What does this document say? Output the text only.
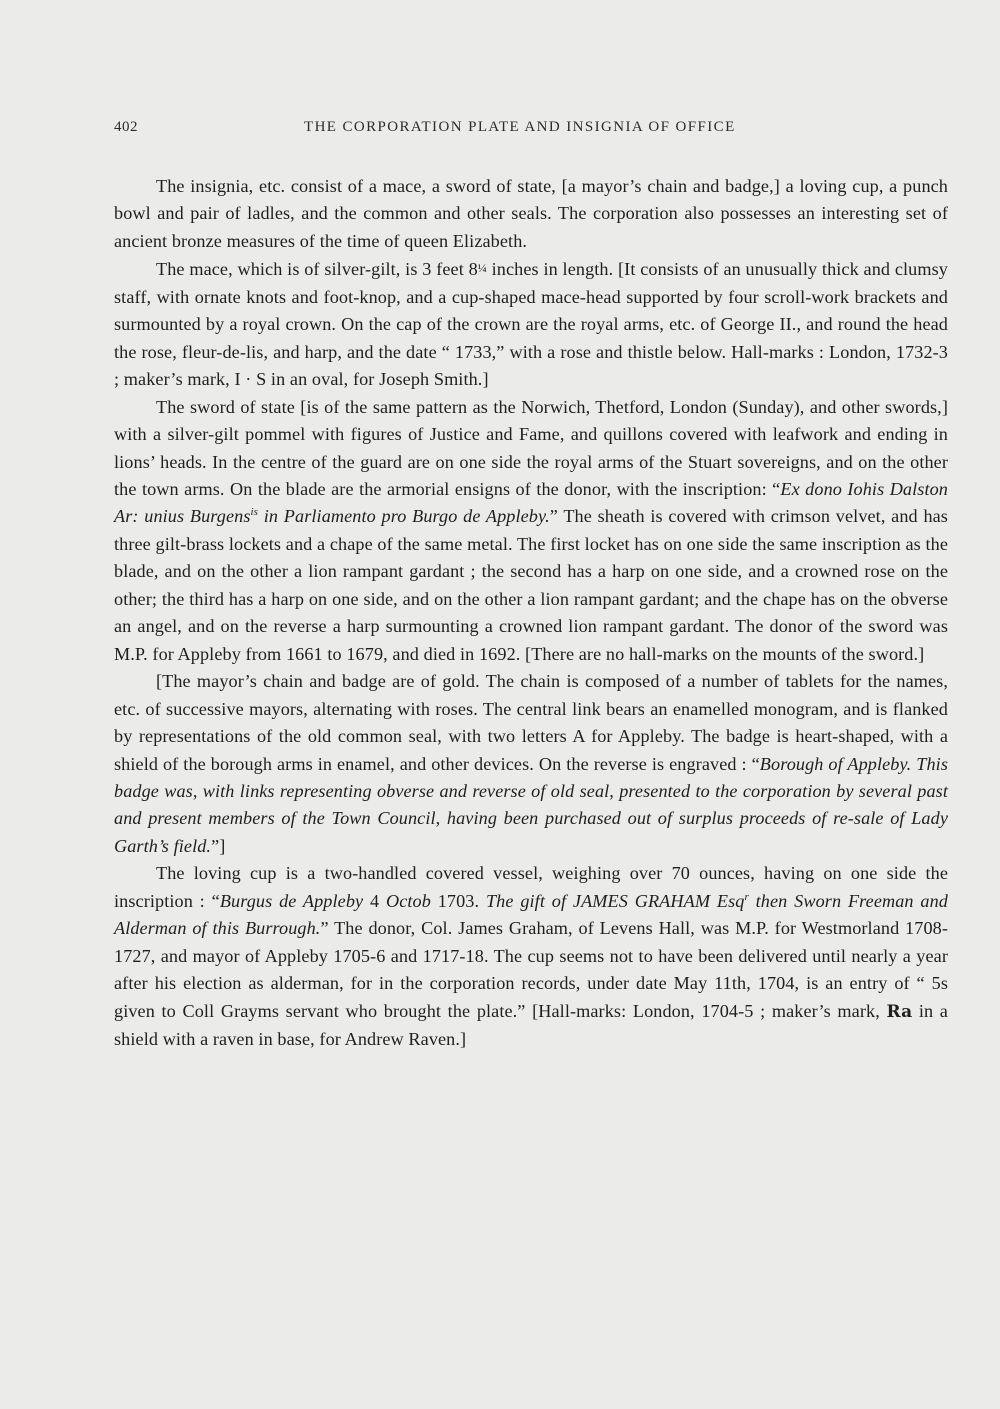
402	THE CORPORATION PLATE AND INSIGNIA OF OFFICE

The insignia, etc. consist of a mace, a sword of state, [a mayor’s chain and badge,] a loving cup, a punch bowl and pair of ladles, and the common and other seals. The corporation also possesses an interesting set of ancient bronze measures of the time of queen Elizabeth.

The mace, which is of silver-gilt, is 3 feet 8¼ inches in length. [It consists of an unusually thick and clumsy staff, with ornate knots and foot-knop, and a cup-shaped mace-head supported by four scroll-work brackets and surmounted by a royal crown. On the cap of the crown are the royal arms, etc. of George II., and round the head the rose, fleur-de-lis, and harp, and the date “ 1733,” with a rose and thistle below. Hall-marks : London, 1732-3 ; maker’s mark, I · S in an oval, for Joseph Smith.]

The sword of state [is of the same pattern as the Norwich, Thetford, London (Sunday), and other swords,] with a silver-gilt pommel with figures of Justice and Fame, and quillons covered with leafwork and ending in lions’ heads. In the centre of the guard are on one side the royal arms of the Stuart sovereigns, and on the other the town arms. On the blade are the armorial ensigns of the donor, with the inscription: “Ex dono Iohis Dalston Ar: unius Burgens$^{is}$ in Parliamento pro Burgo de Appleby.” The sheath is covered with crimson velvet, and has three gilt-brass lockets and a chape of the same metal. The first locket has on one side the same inscription as the blade, and on the other a lion rampant gardant ; the second has a harp on one side, and a crowned rose on the other; the third has a harp on one side, and on the other a lion rampant gardant; and the chape has on the obverse an angel, and on the reverse a harp surmounting a crowned lion rampant gardant. The donor of the sword was M.P. for Appleby from 1661 to 1679, and died in 1692. [There are no hall-marks on the mounts of the sword.]

[The mayor’s chain and badge are of gold. The chain is composed of a number of tablets for the names, etc. of successive mayors, alternating with roses. The central link bears an enamelled monogram, and is flanked by representations of the old common seal, with two letters A for Appleby. The badge is heart-shaped, with a shield of the borough arms in enamel, and other devices. On the reverse is engraved : “Borough of Appleby. This badge was, with links representing obverse and reverse of old seal, presented to the corporation by several past and present members of the Town Council, having been purchased out of surplus proceeds of re-sale of Lady Garth’s field.”]

The loving cup is a two-handled covered vessel, weighing over 70 ounces, having on one side the inscription : “Burgus de Appleby 4 Octob 1703. The gift of JAMES GRAHAM Esq$^r$ then Sworn Freeman and Alderman of this Burrough.” The donor, Col. James Graham, of Levens Hall, was M.P. for Westmorland 1708-1727, and mayor of Appleby 1705-6 and 1717-18. The cup seems not to have been delivered until nearly a year after his election as alderman, for in the corporation records, under date May 11th, 1704, is an entry of “ 5s given to Coll Grayms servant who brought the plate.” [Hall-marks: London, 1704-5 ; maker’s mark, Ra in a shield with a raven in base, for Andrew Raven.]
